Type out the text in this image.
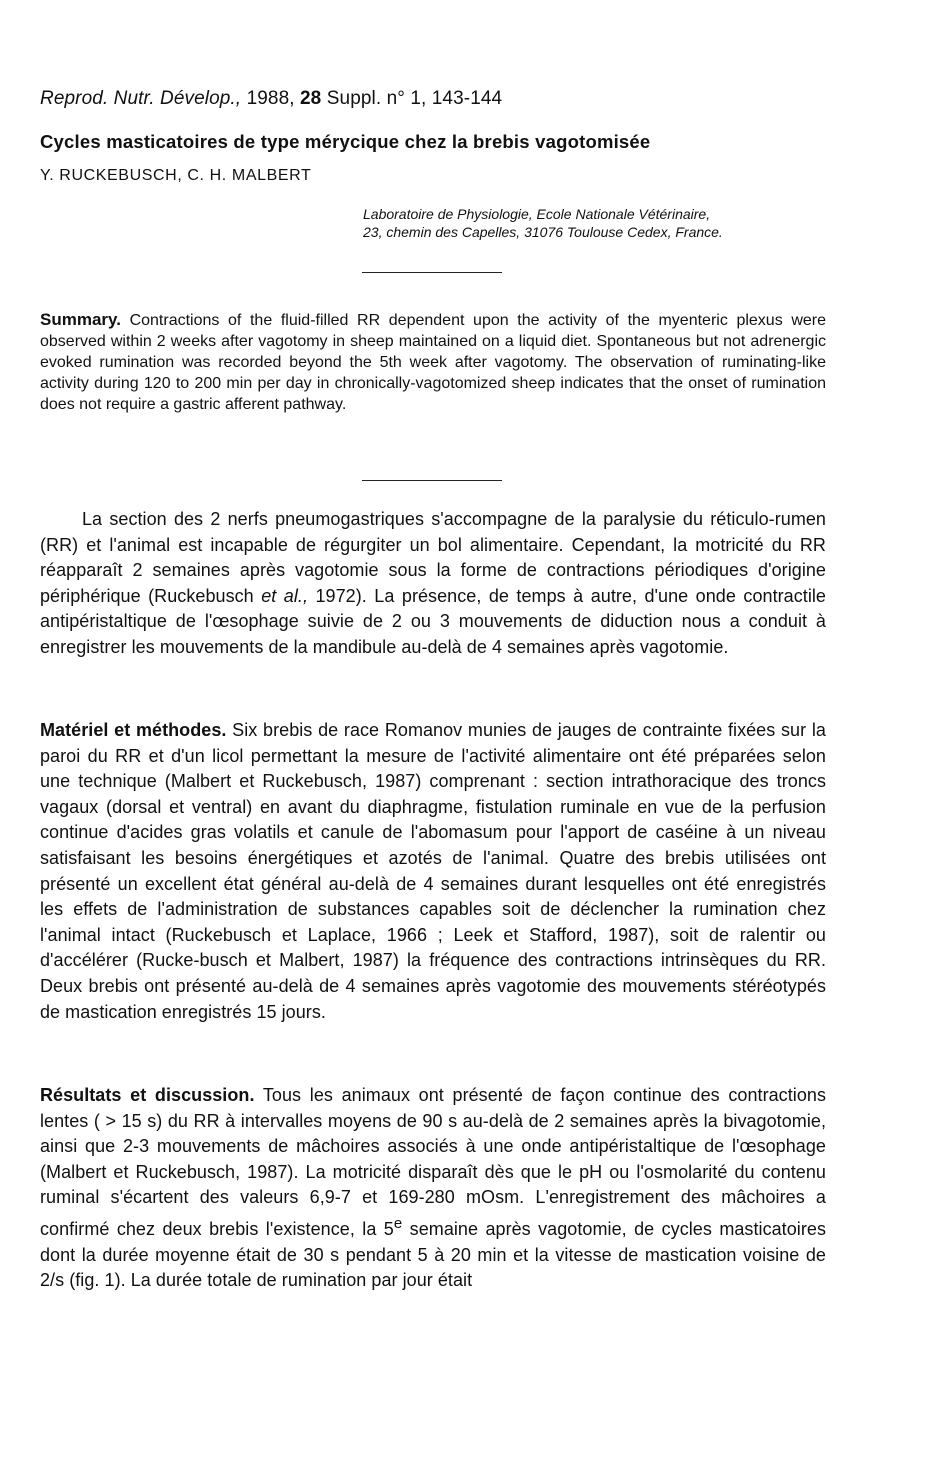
Reprod. Nutr. Dévelop., 1988, 28 Suppl. n° 1, 143-144
Cycles masticatoires de type mérycique chez la brebis vagotomisée
Y. RUCKEBUSCH, C. H. MALBERT
Laboratoire de Physiologie, Ecole Nationale Vétérinaire,
23, chemin des Capelles, 31076 Toulouse Cedex, France.
Summary. Contractions of the fluid-filled RR dependent upon the activity of the myenteric plexus were observed within 2 weeks after vagotomy in sheep maintained on a liquid diet. Spontaneous but not adrenergic evoked rumination was recorded beyond the 5th week after vagotomy. The observation of ruminating-like activity during 120 to 200 min per day in chronically-vagotomized sheep indicates that the onset of rumination does not require a gastric afferent pathway.
La section des 2 nerfs pneumogastriques s'accompagne de la paralysie du réticulo-rumen (RR) et l'animal est incapable de régurgiter un bol alimentaire. Cependant, la motricité du RR réapparaît 2 semaines après vagotomie sous la forme de contractions périodiques d'origine périphérique (Ruckebusch et al., 1972). La présence, de temps à autre, d'une onde contractile antipéristaltique de l'œsophage suivie de 2 ou 3 mouvements de diduction nous a conduit à enregistrer les mouvements de la mandibule au-delà de 4 semaines après vagotomie.
Matériel et méthodes. Six brebis de race Romanov munies de jauges de contrainte fixées sur la paroi du RR et d'un licol permettant la mesure de l'activité alimentaire ont été préparées selon une technique (Malbert et Ruckebusch, 1987) comprenant : section intrathoracique des troncs vagaux (dorsal et ventral) en avant du diaphragme, fistulation ruminale en vue de la perfusion continue d'acides gras volatils et canule de l'abomasum pour l'apport de caséine à un niveau satisfaisant les besoins énergétiques et azotés de l'animal. Quatre des brebis utilisées ont présenté un excellent état général au-delà de 4 semaines durant lesquelles ont été enregistrés les effets de l'administration de substances capables soit de déclencher la rumination chez l'animal intact (Ruckebusch et Laplace, 1966 ; Leek et Stafford, 1987), soit de ralentir ou d'accélérer (Rucke-busch et Malbert, 1987) la fréquence des contractions intrinsèques du RR. Deux brebis ont présenté au-delà de 4 semaines après vagotomie des mouvements stéréotypés de mastication enregistrés 15 jours.
Résultats et discussion. Tous les animaux ont présenté de façon continue des contractions lentes ( > 15 s) du RR à intervalles moyens de 90 s au-delà de 2 semaines après la bivagotomie, ainsi que 2-3 mouvements de mâchoires associés à une onde antipéristaltique de l'œsophage (Malbert et Ruckebusch, 1987). La motricité disparaît dès que le pH ou l'osmolarité du contenu ruminal s'écartent des valeurs 6,9-7 et 169-280 mOsm. L'enregistrement des mâchoires a confirmé chez deux brebis l'existence, la 5e semaine après vagotomie, de cycles masticatoires dont la durée moyenne était de 30 s pendant 5 à 20 min et la vitesse de mastication voisine de 2/s (fig. 1). La durée totale de rumination par jour était
